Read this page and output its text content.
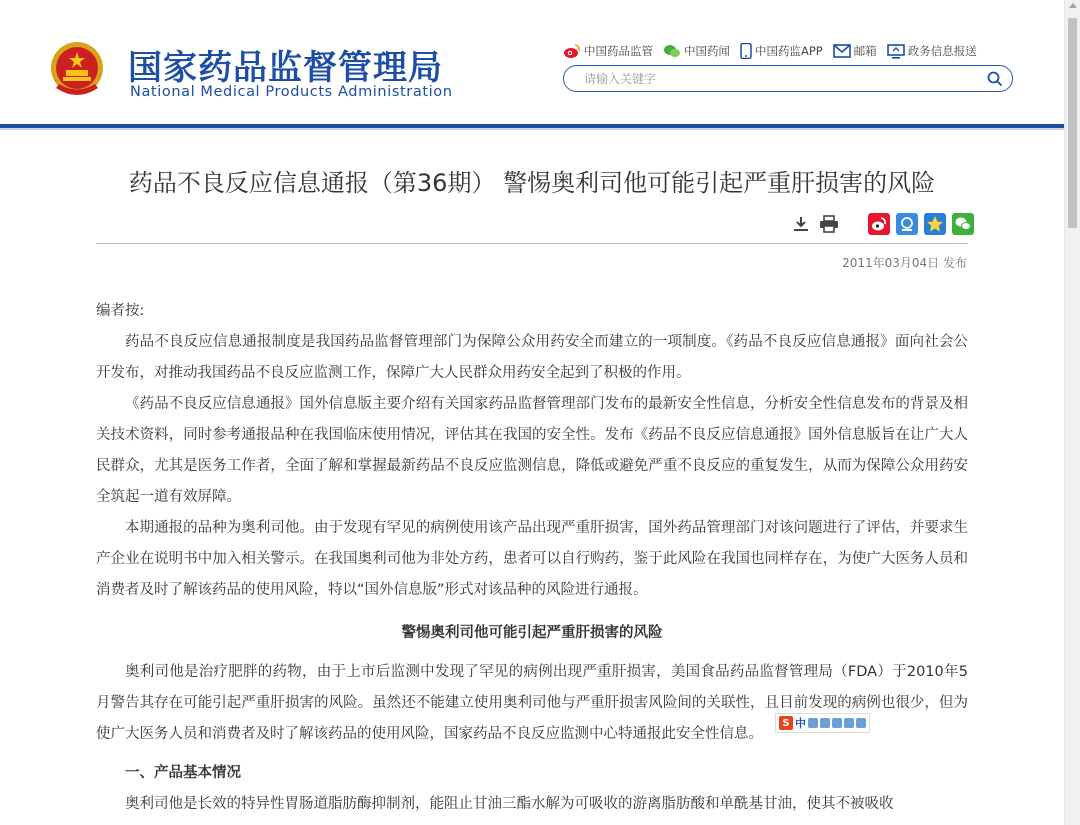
国家药品监督管理局
National Medical Products Administration
中国药品监管	中国药闻 中国药监APP	邮箱	政务信息报送
请输入关键字
药品不良反应信息通报（第36期） 警惕奥利司他可能引起严重肝损害的风险
2011年03月04日 发布

编者按:

药品不良反应信息通报制度是我国药品监督管理部门为保障公众用药安全而建立的一项制度。《药品不良反应信息通报》面向社会公开发布，对推动我国药品不良反应监测工作，保障广大人民群众用药安全起到了积极的作用。

《药品不良反应信息通报》国外信息版主要介绍有关国家药品监督管理部门发布的最新安全性信息，分析安全性信息发布的背景及相关技术资料，同时参考通报品种在我国临床使用情况，评估其在我国的安全性。发布《药品不良反应信息通报》国外信息版旨在让广大人民群众，尤其是医务工作者，全面了解和掌握最新药品不良反应监测信息，降低或避免严重不良反应的重复发生，从而为保障公众用药安全筑起一道有效屏障。

本期通报的品种为奥利司他。由于发现有罕见的病例使用该产品出现严重肝损害，国外药品管理部门对该问题进行了评估，并要求生产企业在说明书中加入相关警示。在我国奥利司他为非处方药，患者可以自行购药，鉴于此风险在我国也同样存在，为使广大医务人员和消费者及时了解该药品的使用风险，特以“国外信息版”形式对该品种的风险进行通报。

警惕奥利司他可能引起严重肝损害的风险

奥利司他是治疗肥胖的药物，由于上市后监测中发现了罕见的病例出现严重肝损害，美国食品药品监督管理局（FDA）于2010年5月警告其存在可能引起严重肝损害的风险。虽然还不能建立使用奥利司他与严重肝损害风险间的关联性，且目前发现的病例也很少，但为使广大医务人员和消费者及时了解该药品的使用风险，国家药品不良反应监测中心特通报此安全性信息。

一、产品基本情况

奥利司他是长效的特异性胃肠道脂肪酶抑制剂，能阻止甘油三酯水解为可吸收的游离脂肪酸和单酰基甘油，使其不被吸收

S 中
